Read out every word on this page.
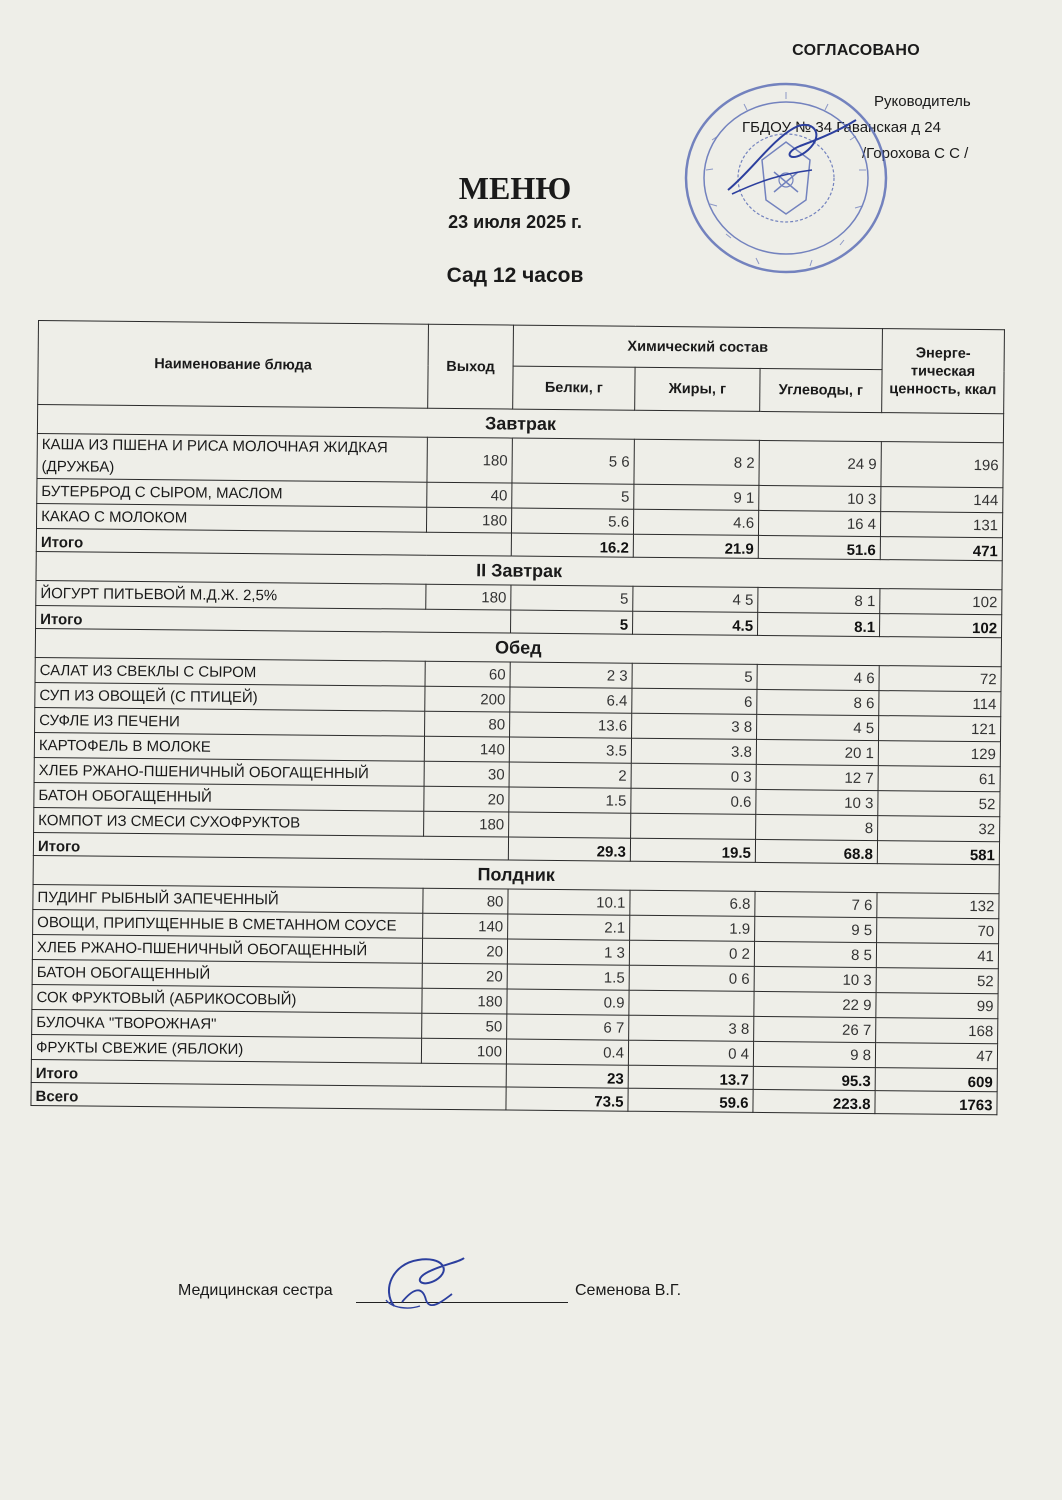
СОГЛАСОВАНО
Руководитель
ГБДОУ № 34 Гаванская д 24
/Горохова С С /
МЕНЮ
23 июля 2025 г.
Сад 12 часов
Наименование блюда	Выход	Химический состав			Энерге-тическая ценность, ккал
		Белки, г	Жиры, г	Углеводы, г	
Завтрак					
КАША ИЗ ПШЕНА И РИСА МОЛОЧНАЯ ЖИДКАЯ (ДРУЖБА)	180	5 6	8 2	24 9	196
БУТЕРБРОД С СЫРОМ, МАСЛОМ	40	5	9 1	10 3	144
КАКАО С МОЛОКОМ	180	5.6	4.6	16 4	131
Итого		16.2	21.9	51.6	471
II Завтрак					
ЙОГУРТ ПИТЬЕВОЙ М.Д.Ж. 2,5%	180	5	4 5	8 1	102
Итого		5	4.5	8.1	102
Обед					
САЛАТ ИЗ СВЕКЛЫ С СЫРОМ	60	2 3	5	4 6	72
СУП ИЗ ОВОЩЕЙ (С ПТИЦЕЙ)	200	6.4	6	8 6	114
СУФЛЕ ИЗ ПЕЧЕНИ	80	13.6	3 8	4 5	121
КАРТОФЕЛЬ В МОЛОКЕ	140	3.5	3.8	20 1	129
ХЛЕБ РЖАНО-ПШЕНИЧНЫЙ ОБОГАЩЕННЫЙ	30	2	0 3	12 7	61
БАТОН ОБОГАЩЕННЫЙ	20	1.5	0.6	10 3	52
КОМПОТ ИЗ СМЕСИ СУХОФРУКТОВ	180			8	32
Итого		29.3	19.5	68.8	581
Полдник					
ПУДИНГ РЫБНЫЙ ЗАПЕЧЕННЫЙ	80	10.1	6.8	7 6	132
ОВОЩИ, ПРИПУЩЕННЫЕ В СМЕТАННОМ СОУСЕ	140	2.1	1.9	9 5	70
ХЛЕБ РЖАНО-ПШЕНИЧНЫЙ ОБОГАЩЕННЫЙ	20	1 3	0 2	8 5	41
БАТОН ОБОГАЩЕННЫЙ	20	1.5	0 6	10 3	52
СОК ФРУКТОВЫЙ (АБРИКОСОВЫЙ)	180	0.9		22 9	99
БУЛОЧКА "ТВОРОЖНАЯ"	50	6 7	3 8	26 7	168
ФРУКТЫ СВЕЖИЕ (ЯБЛОКИ)	100	0.4	0 4	9 8	47
Итого		23	13.7	95.3	609
Всего		73.5	59.6	223.8	1763
Медицинская сестра	Семенова В.Г.
